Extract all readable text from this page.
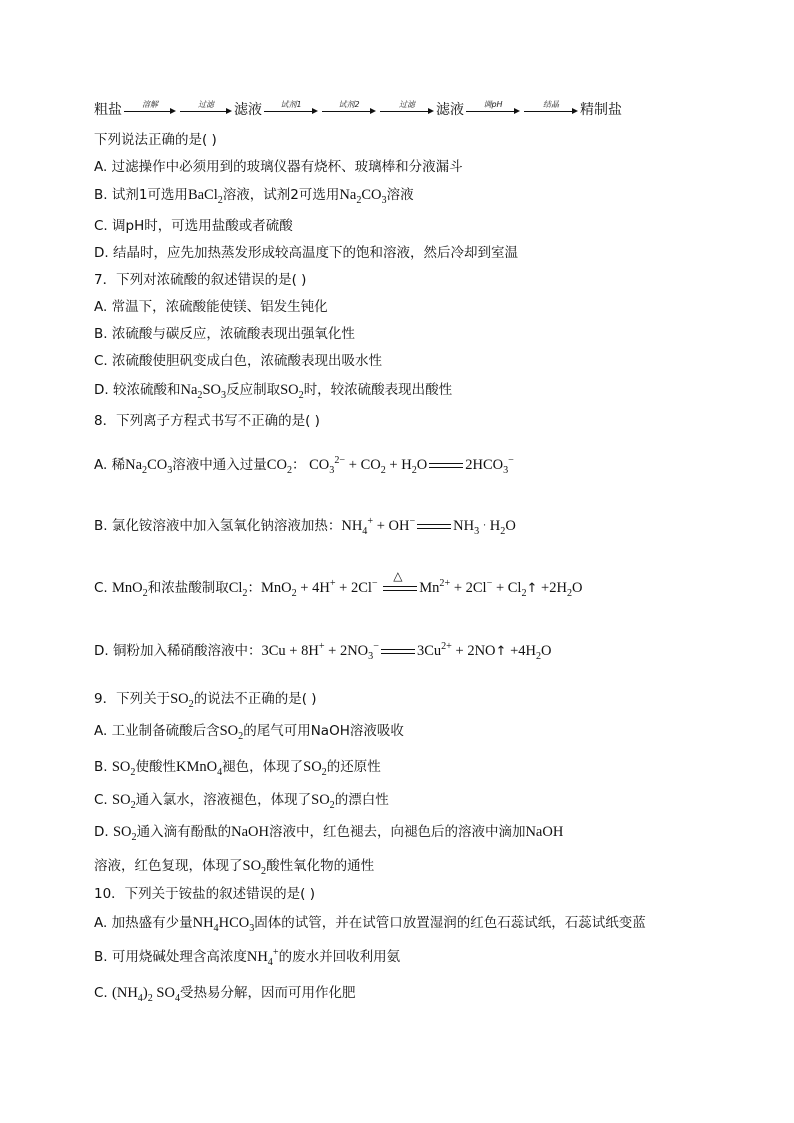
粗盐	溶解	过滤	滤液	试剂1	试剂2	过滤	滤液	调pH	结晶	精制盐
下列说法正确的是( )
A. 过滤操作中必须用到的玻璃仪器有烧杯、玻璃棒和分液漏斗
B. 试剂1可选用BaCl$_2$溶液，试剂2可选用$Na_2CO_3$溶液
C. 调pH时，可选用盐酸或者硫酸
D. 结晶时，应先加热蒸发形成较高温度下的饱和溶液，然后冷却到室温
7．下列对浓硫酸的叙述错误的是( )
A. 常温下，浓硫酸能使镁、铝发生钝化
B. 浓硫酸与碳反应，浓硫酸表现出强氧化性
C. 浓硫酸使胆矾变成白色，浓硫酸表现出吸水性
D. 较浓硫酸和$Na_2SO_3$反应制取$SO_2$时，较浓硫酸表现出酸性
8．下列离子方程式书写不正确的是( )
A. 稀$Na_2CO_3$溶液中通入过量$CO_2$： $CO_3^{2-} + CO_2 + H_2O$	$2HCO_3^-$
B. 氯化铵溶液中加入氢氧化钠溶液加热：$NH_4^+ + OH^-$	$NH_3 \cdot H_2O$
C. MnO$_2$和浓盐酸制取$Cl_2$：MnO$_2$ + 4H+ + 2Cl−
△
$Mn^{2+} + 2Cl^-$ + $Cl_2↑ +2H_2O$
D. 铜粉加入稀硝酸溶液中：$3Cu + 8H^+ + 2NO_3^-$	$3Cu^{2+}$ + 2NO↑ $+4H_2O$
9．下列关于$SO_2$的说法不正确的是( )
A. 工业制备硫酸后含$SO_2$的尾气可用NaOH溶液吸收
B. $SO_2$使酸性KMnO$_4$褪色，体现了$SO_2$的还原性
C. $SO_2$通入氯水，溶液褪色，体现了$SO_2$的漂白性
D. $SO_2$通入滴有酚酞的NaOH溶液中，红色褪去，向褪色后的溶液中滴加NaOH
溶液，红色复现，体现了$SO_2$酸性氧化物的通性
10．下列关于铵盐的叙述错误的是( )
A. 加热盛有少量$NH_4HCO_3$固体的试管，并在试管口放置湿润的红色石蕊试纸，石蕊试纸变蓝
B. 可用烧碱处理含高浓度$NH_4^+$的废水并回收利用氨
C. $(NH_4)_2$ $SO_4$受热易分解，因而可用作化肥
